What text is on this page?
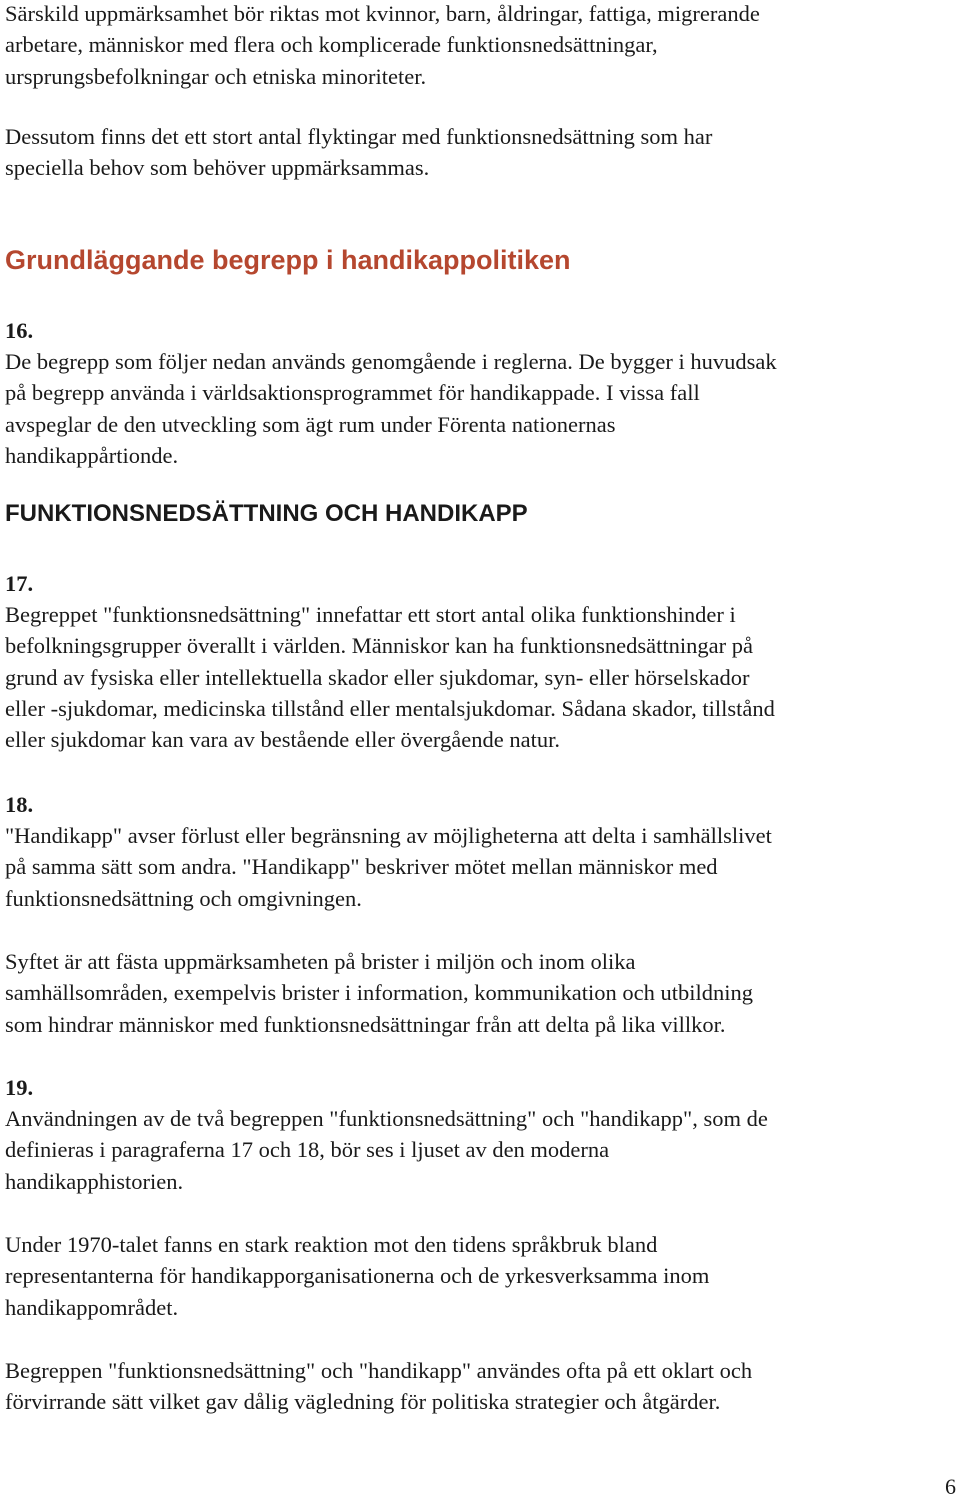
Särskild uppmärksamhet bör riktas mot kvinnor, barn, åldringar, fattiga, migrerande
arbetare, människor med flera och komplicerade funktionsnedsättningar,
ursprungsbefolkningar och etniska minoriteter.

Dessutom finns det ett stort antal flyktingar med funktionsnedsättning som har
speciella behov som behöver uppmärksammas.

Grundläggande begrepp i handikappolitiken
16.

De begrepp som följer nedan används genomgående i reglerna. De bygger i huvudsak
på begrepp använda i världsaktionsprogrammet för handikappade. I vissa fall
avspeglar de den utveckling som ägt rum under Förenta nationernas
handikappårtionde.

FUNKTIONSNEDSÄTTNING OCH HANDIKAPP
17.

Begreppet "funktionsnedsättning" innefattar ett stort antal olika funktionshinder i
befolkningsgrupper överallt i världen. Människor kan ha funktionsnedsättningar på
grund av fysiska eller intellektuella skador eller sjukdomar, syn- eller hörselskador
eller -sjukdomar, medicinska tillstånd eller mentalsjukdomar. Sådana skador, tillstånd
eller sjukdomar kan vara av bestående eller övergående natur.

18.

"Handikapp" avser förlust eller begränsning av möjligheterna att delta i samhällslivet
på samma sätt som andra. "Handikapp" beskriver mötet mellan människor med
funktionsnedsättning och omgivningen.

Syftet är att fästa uppmärksamheten på brister i miljön och inom olika
samhällsområden, exempelvis brister i information, kommunikation och utbildning
som hindrar människor med funktionsnedsättningar från att delta på lika villkor.

19.

Användningen av de två begreppen "funktionsnedsättning" och "handikapp", som de
definieras i paragraferna 17 och 18, bör ses i ljuset av den moderna
handikapphistorien.

Under 1970-talet fanns en stark reaktion mot den tidens språkbruk bland
representanterna för handikapporganisationerna och de yrkesverksamma inom
handikappområdet.

Begreppen "funktionsnedsättning" och "handikapp" användes ofta på ett oklart och
förvirrande sätt vilket gav dålig vägledning för politiska strategier och åtgärder.

6
